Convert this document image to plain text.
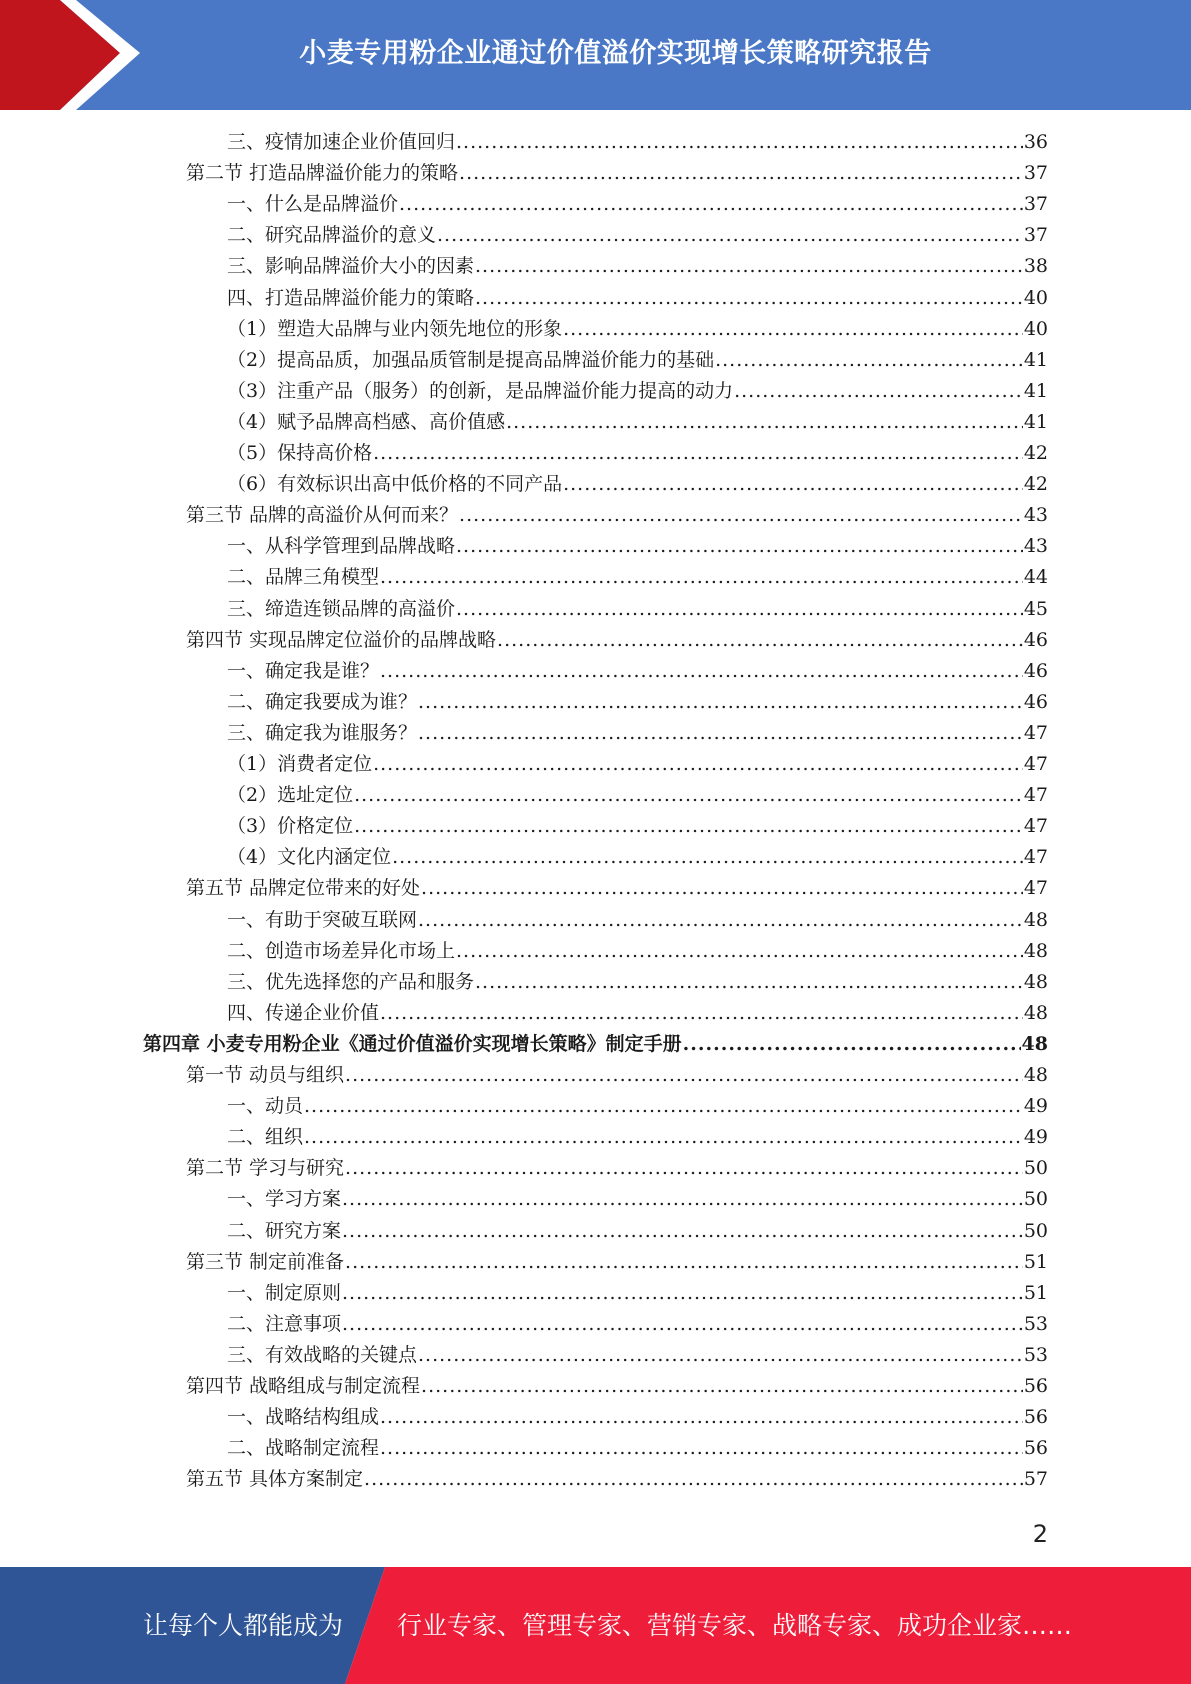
小麦专用粉企业通过价值溢价实现增长策略研究报告
三、疫情加速企业价值回归 .....	36
第二节 打造品牌溢价能力的策略 .....	37
一、什么是品牌溢价 .....	37
二、研究品牌溢价的意义 .....	37
三、影响品牌溢价大小的因素 .....	38
四、打造品牌溢价能力的策略 .....	40
（1）塑造大品牌与业内领先地位的形象 .....	40
（2）提高品质，加强品质管制是提高品牌溢价能力的基础 .....	41
（3）注重产品（服务）的创新，是品牌溢价能力提高的动力 .....	41
（4）赋予品牌高档感、高价值感 .....	41
（5）保持高价格 .....	42
（6）有效标识出高中低价格的不同产品 .....	42
第三节 品牌的高溢价从何而来？ .....	43
一、从科学管理到品牌战略 .....	43
二、品牌三角模型 .....	44
三、缔造连锁品牌的高溢价 .....	45
第四节 实现品牌定位溢价的品牌战略 .....	46
一、确定我是谁？ .....	46
二、确定我要成为谁？ .....	46
三、确定我为谁服务？ .....	47
（1）消费者定位 .....	47
（2）选址定位 .....	47
（3）价格定位 .....	47
（4）文化内涵定位 .....	47
第五节 品牌定位带来的好处 .....	47
一、有助于突破互联网 .....	48
二、创造市场差异化市场上 .....	48
三、优先选择您的产品和服务 .....	48
四、传递企业价值 .....	48
第四章 小麦专用粉企业《通过价值溢价实现增长策略》制定手册 .....	48
第一节 动员与组织 .....	48
一、动员 .....	49
二、组织 .....	49
第二节 学习与研究 .....	50
一、学习方案 .....	50
二、研究方案 .....	50
第三节 制定前准备 .....	51
一、制定原则 .....	51
二、注意事项 .....	53
三、有效战略的关键点 .....	53
第四节 战略组成与制定流程 .....	56
一、战略结构组成 .....	56
二、战略制定流程 .....	56
第五节 具体方案制定 .....	57
2
让每个人都能成为 行业专家、管理专家、营销专家、战略专家、成功企业家……
